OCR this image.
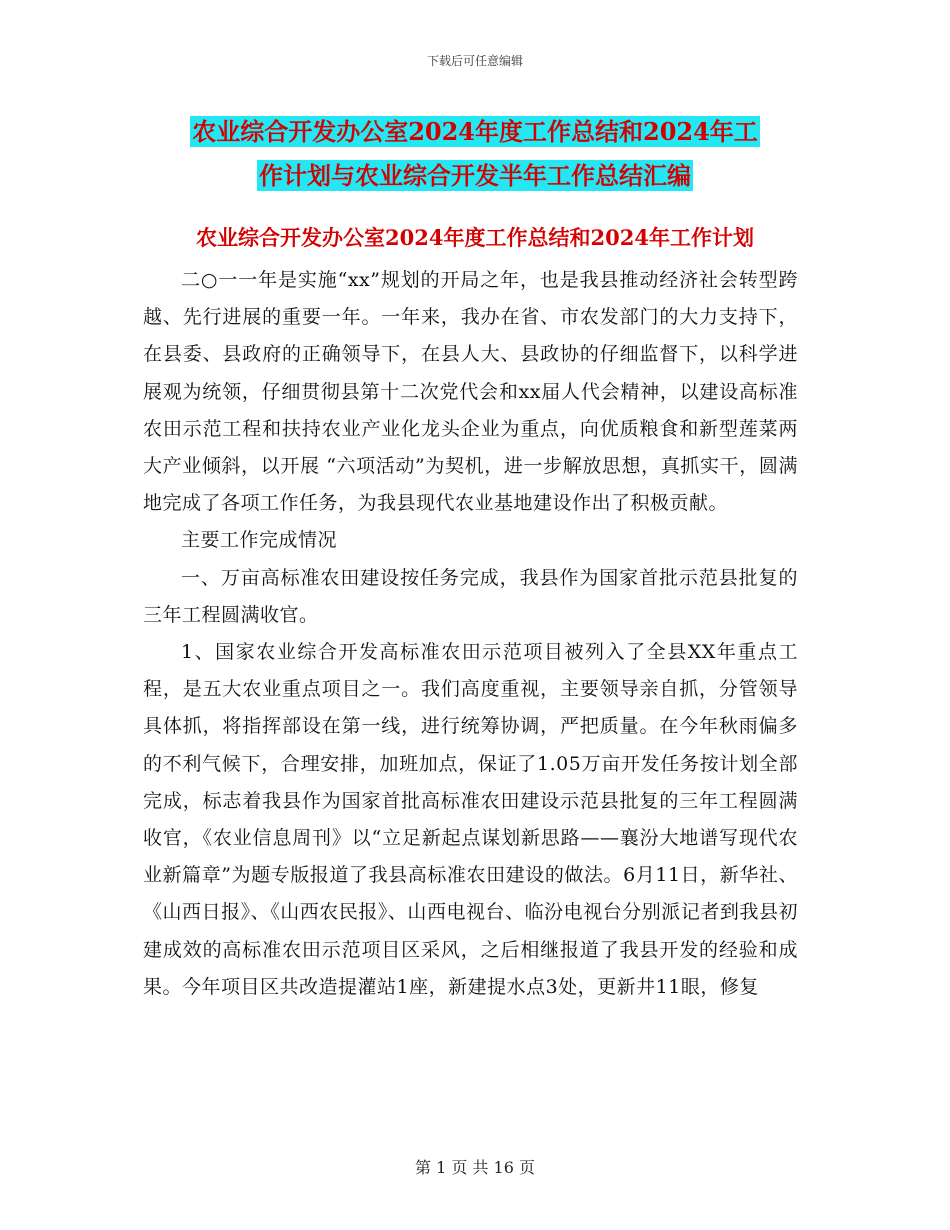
下载后可任意编辑
农业综合开发办公室2024年度工作总结和2024年工
作计划与农业综合开发半年工作总结汇编
农业综合开发办公室2024年度工作总结和2024年工作计划

二○一一年是实施“xx”规划的开局之年，也是我县推动经济社会转型跨越、先行进展的重要一年。一年来，我办在省、市农发部门的大力支持下，在县委、县政府的正确领导下，在县人大、县政协的仔细监督下，以科学进展观为统领，仔细贯彻县第十二次党代会和xx届人代会精神，以建设高标准农田示范工程和扶持农业产业化龙头企业为重点，向优质粮食和新型莲菜两大产业倾斜，以开展 “六项活动”为契机，进一步解放思想，真抓实干，圆满地完成了各项工作任务，为我县现代农业基地建设作出了积极贡献。

主要工作完成情况

一、万亩高标准农田建设按任务完成，我县作为国家首批示范县批复的三年工程圆满收官。

1、国家农业综合开发高标准农田示范项目被列入了全县XX年重点工程，是五大农业重点项目之一。我们高度重视，主要领导亲自抓，分管领导具体抓，将指挥部设在第一线，进行统筹协调，严把质量。在今年秋雨偏多的不利气候下，合理安排，加班加点，保证了1.05万亩开发任务按计划全部完成，标志着我县作为国家首批高标准农田建设示范县批复的三年工程圆满收官，《农业信息周刊》以“立足新起点谋划新思路——襄汾大地谱写现代农业新篇章”为题专版报道了我县高标准农田建设的做法。6月11日，新华社、《山西日报》、《山西农民报》、山西电视台、临汾电视台分别派记者到我县初建成效的高标准农田示范项目区采风，之后相继报道了我县开发的经验和成果。今年项目区共改造提灌站1座，新建提水点3处，更新井11眼，修复

第 1 页 共 16 页
